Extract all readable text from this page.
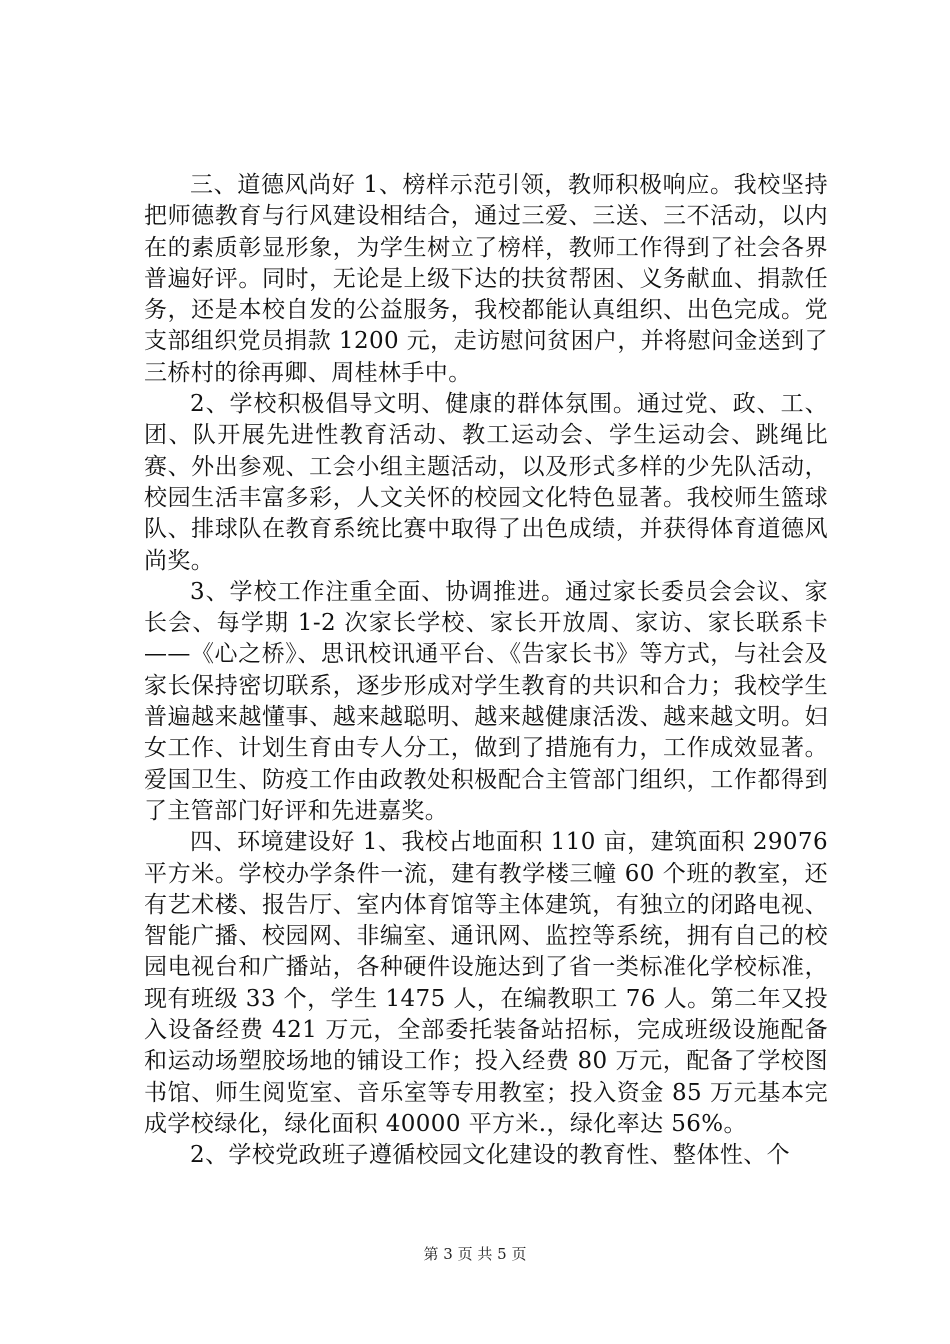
三、道德风尚好 1、榜样示范引领，教师积极响应。我校坚持把师德教育与行风建设相结合，通过三爱、三送、三不活动，以内在的素质彰显形象，为学生树立了榜样，教师工作得到了社会各界普遍好评。同时，无论是上级下达的扶贫帮困、义务献血、捐款任务，还是本校自发的公益服务，我校都能认真组织、出色完成。党支部组织党员捐款 1200 元，走访慰问贫困户，并将慰问金送到了三桥村的徐再卿、周桂林手中。

2、学校积极倡导文明、健康的群体氛围。通过党、政、工、团、队开展先进性教育活动、教工运动会、学生运动会、跳绳比赛、外出参观、工会小组主题活动，以及形式多样的少先队活动，校园生活丰富多彩，人文关怀的校园文化特色显著。我校师生篮球队、排球队在教育系统比赛中取得了出色成绩，并获得体育道德风尚奖。

3、学校工作注重全面、协调推进。通过家长委员会会议、家长会、每学期 1-2 次家长学校、家长开放周、家访、家长联系卡——《心之桥》、思讯校讯通平台、《告家长书》等方式，与社会及家长保持密切联系，逐步形成对学生教育的共识和合力；我校学生普遍越来越懂事、越来越聪明、越来越健康活泼、越来越文明。妇女工作、计划生育由专人分工，做到了措施有力，工作成效显著。爱国卫生、防疫工作由政教处积极配合主管部门组织，工作都得到了主管部门好评和先进嘉奖。

四、环境建设好 1、我校占地面积 110 亩，建筑面积 29076 平方米。学校办学条件一流，建有教学楼三幢 60 个班的教室，还有艺术楼、报告厅、室内体育馆等主体建筑，有独立的闭路电视、智能广播、校园网、非编室、通讯网、监控等系统，拥有自己的校园电视台和广播站，各种硬件设施达到了省一类标准化学校标准，现有班级 33 个，学生 1475 人，在编教职工 76 人。第二年又投入设备经费 421 万元，全部委托装备站招标，完成班级设施配备和运动场塑胶场地的铺设工作；投入经费 80 万元，配备了学校图书馆、师生阅览室、音乐室等专用教室；投入资金 85 万元基本完成学校绿化，绿化面积 40000 平方米.，绿化率达 56%。

2、学校党政班子遵循校园文化建设的教育性、整体性、个

第 3 页 共 5 页
